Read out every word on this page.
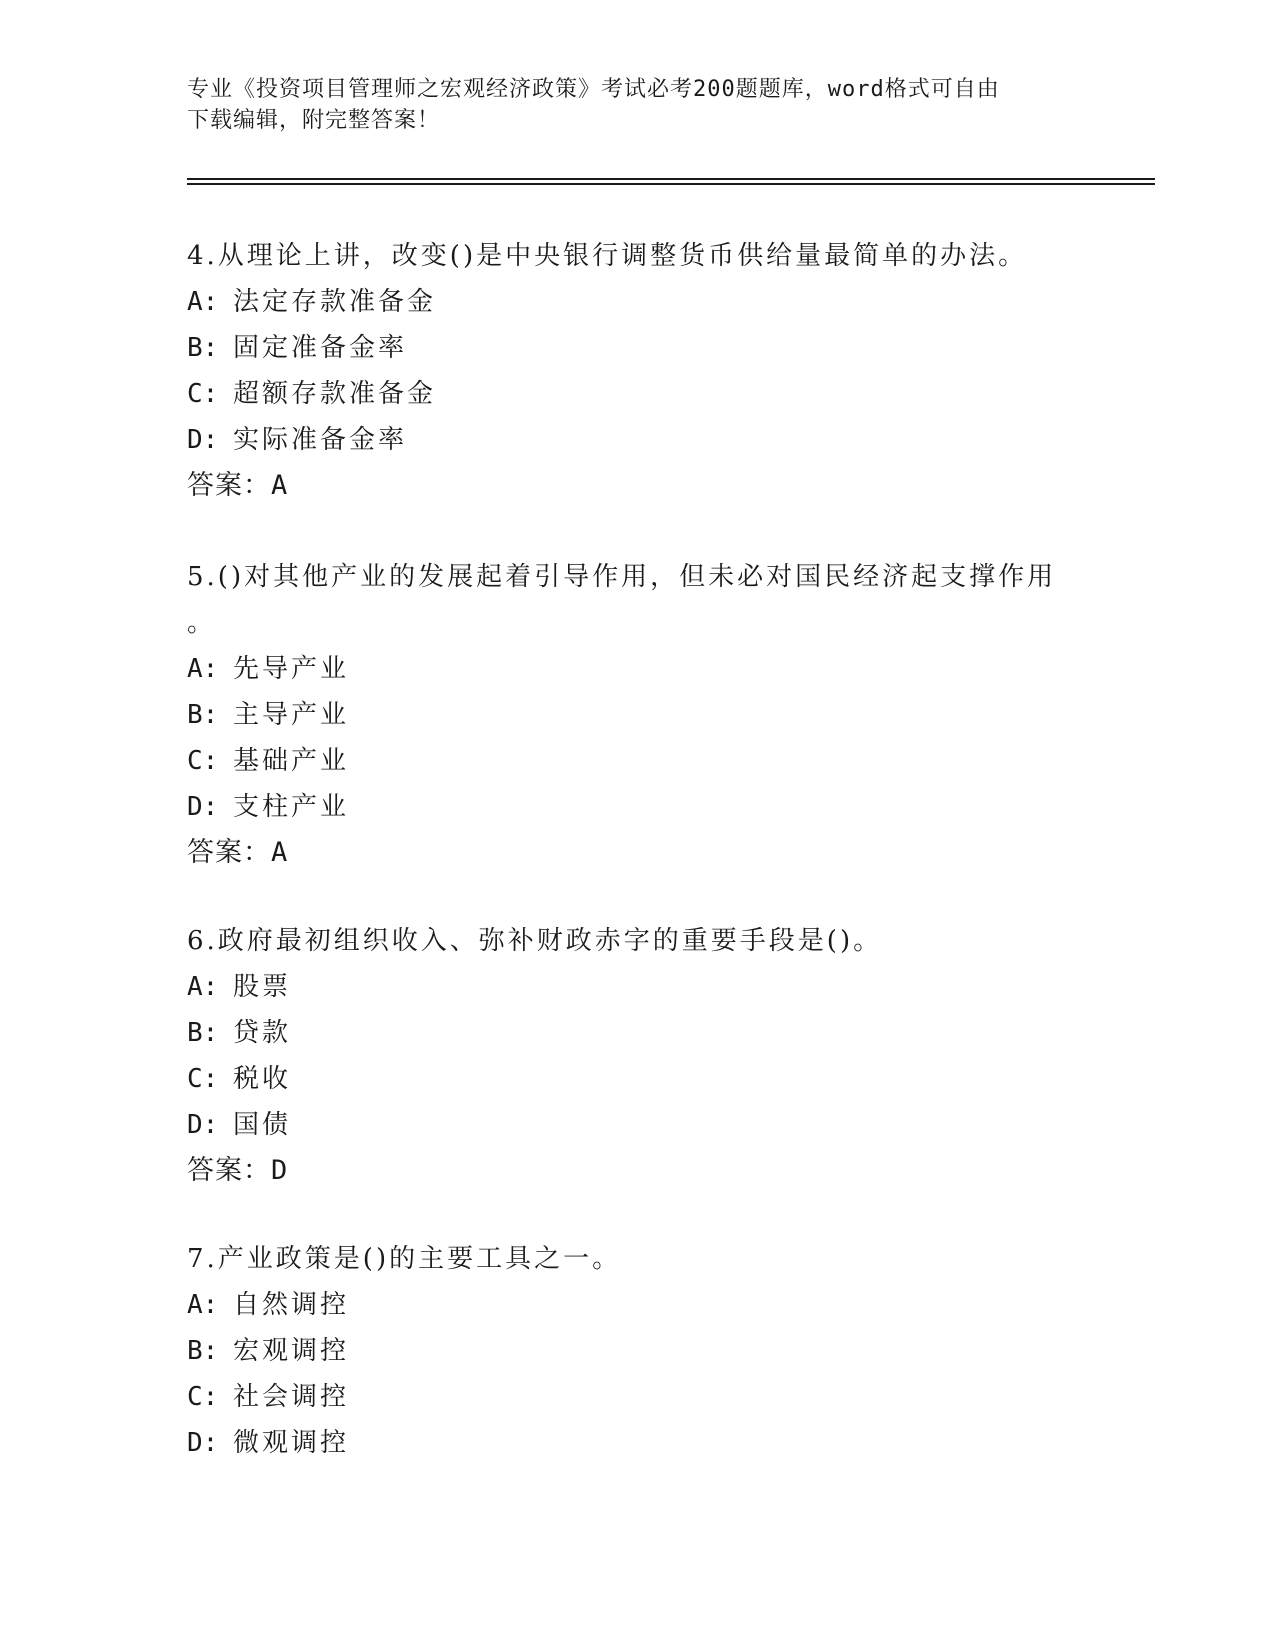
专业《投资项目管理师之宏观经济政策》考试必考200题题库，word格式可自由
下载编辑，附完整答案！

4.从理论上讲，改变()是中央银行调整货币供给量最简单的办法。

A: 法定存款准备金

B: 固定准备金率

C: 超额存款准备金

D: 实际准备金率

答案：A

5.()对其他产业的发展起着引导作用，但未必对国民经济起支撑作用

。

A: 先导产业

B: 主导产业

C: 基础产业

D: 支柱产业

答案：A

6.政府最初组织收入、弥补财政赤字的重要手段是()。

A: 股票

B: 贷款

C: 税收

D: 国债

答案：D

7.产业政策是()的主要工具之一。

A: 自然调控

B: 宏观调控

C: 社会调控

D: 微观调控
